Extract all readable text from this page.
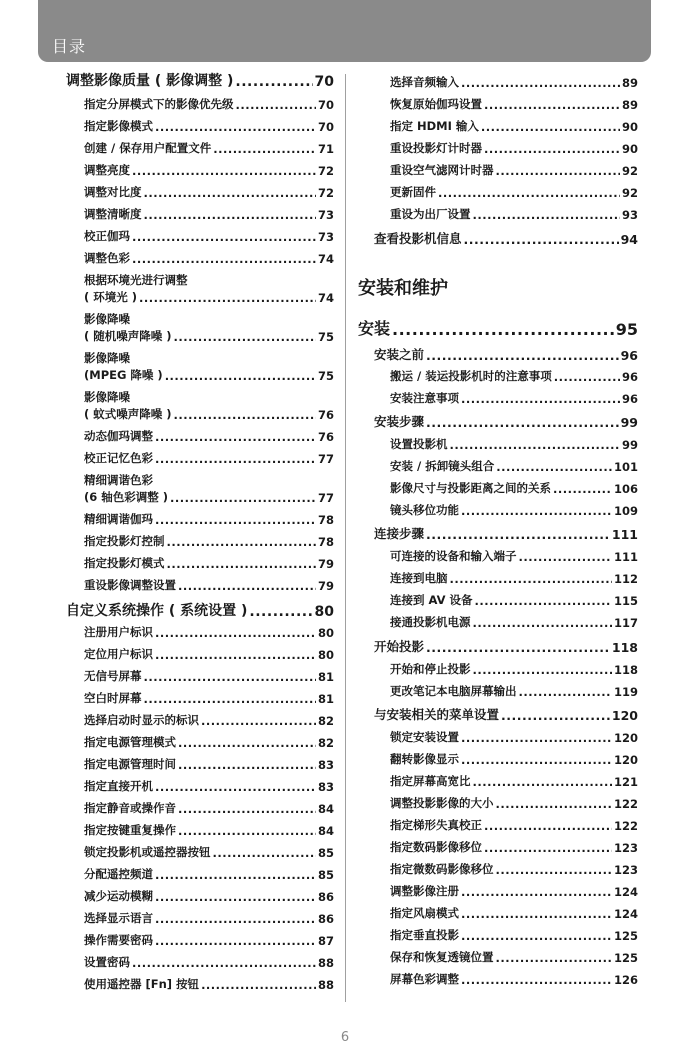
目录
调整影像质量 ( 影像调整 ) .....	70
指定分屏模式下的影像优先级 .....	70
指定影像模式 .....	70
创建 / 保存用户配置文件 .....	71
调整亮度 .....	72
调整对比度 .....	72
调整清晰度 .....	73
校正伽玛 .....	73
调整色彩 .....	74
根据环境光进行调整
( 环境光 ) .....	74
影像降噪
( 随机噪声降噪 ) .....	75
影像降噪
(MPEG 降噪 ) .....	75
影像降噪
( 蚊式噪声降噪 ) .....	76
动态伽玛调整 .....	76
校正记忆色彩 .....	77
精细调谐色彩
(6 轴色彩调整 ) .....	77
精细调谐伽玛 .....	78
指定投影灯控制 .....	78
指定投影灯模式 .....	79
重设影像调整设置 .....	79
自定义系统操作 ( 系统设置 ) .....	80
注册用户标识 .....	80
定位用户标识 .....	80
无信号屏幕 .....	81
空白时屏幕 .....	81
选择启动时显示的标识 .....	82
指定电源管理模式 .....	82
指定电源管理时间 .....	83
指定直接开机 .....	83
指定静音或操作音 .....	84
指定按键重复操作 .....	84
锁定投影机或遥控器按钮 .....	85
分配遥控频道 .....	85
减少运动模糊 .....	86
选择显示语言 .....	86
操作需要密码 .....	87
设置密码 .....	88
使用遥控器 [Fn] 按钮 .....	88
选择音频输入 .....	89
恢复原始伽玛设置 .....	89
指定 HDMI 输入 .....	90
重设投影灯计时器 .....	90
重设空气滤网计时器 .....	92
更新固件 .....	92
重设为出厂设置 .....	93
查看投影机信息 .....	94
安装和维护
安装 .....	95
安装之前 .....	96
搬运 / 装运投影机时的注意事项 .....	96
安装注意事项 .....	96
安装步骤 .....	99
设置投影机 .....	99
安装 / 拆卸镜头组合 .....	101
影像尺寸与投影距离之间的关系 .....	106
镜头移位功能 .....	109
连接步骤 .....	111
可连接的设备和输入端子 .....	111
连接到电脑 .....	112
连接到 AV 设备 .....	115
接通投影机电源 .....	117
开始投影 .....	118
开始和停止投影 .....	118
更改笔记本电脑屏幕输出 .....	119
与安装相关的菜单设置 .....	120
锁定安装设置 .....	120
翻转影像显示 .....	120
指定屏幕高宽比 .....	121
调整投影影像的大小 .....	122
指定梯形失真校正 .....	122
指定数码影像移位 .....	123
指定微数码影像移位 .....	123
调整影像注册 .....	124
指定风扇模式 .....	124
指定垂直投影 .....	125
保存和恢复透镜位置 .....	125
屏幕色彩调整 .....	126
6
